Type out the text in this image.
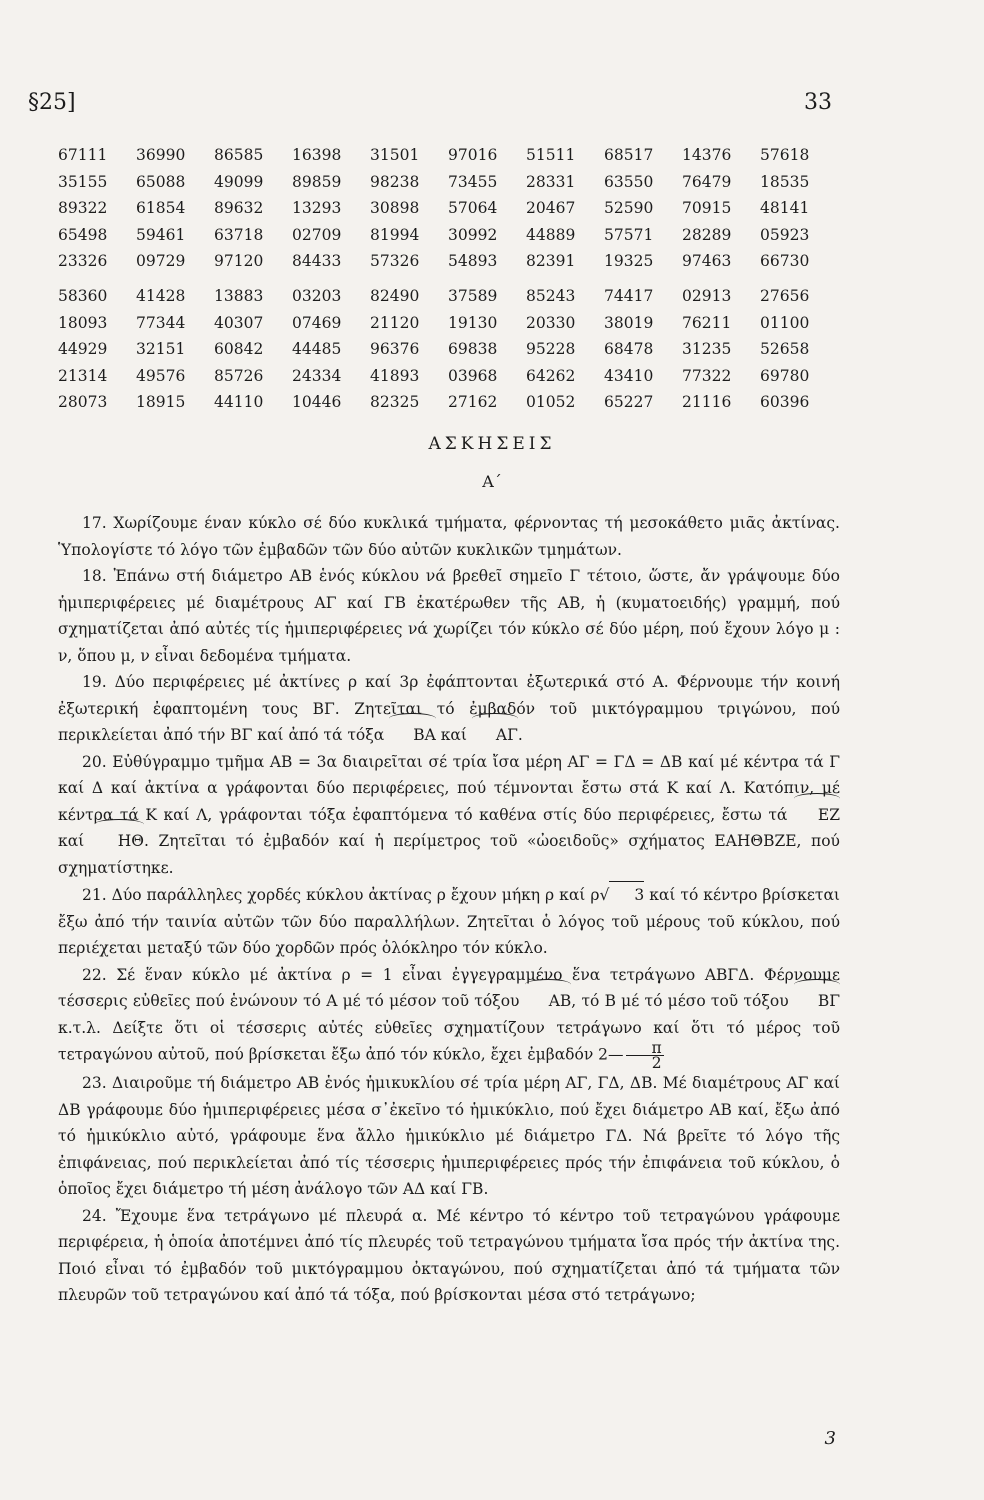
§25]	33
67111	36990	86585	16398	31501	97016	51511	68517	14376	57618
35155	65088	49099	89859	98238	73455	28331	63550	76479	18535
89322	61854	89632	13293	30898	57064	20467	52590	70915	48141
65498	59461	63718	02709	81994	30992	44889	57571	28289	05923
23326	09729	97120	84433	57326	54893	82391	19325	97463	66730
58360	41428	13883	03203	82490	37589	85243	74417	02913	27656
18093	77344	40307	07469	21120	19130	20330	38019	76211	01100
44929	32151	60842	44485	96376	69838	95228	68478	31235	52658
21314	49576	85726	24334	41893	03968	64262	43410	77322	69780
28073	18915	44110	10446	82325	27162	01052	65227	21116	60396
ΑΣΚΗΣΕΙΣ
Α΄

17. Χωρίζουμε έναν κύκλο σέ δύο κυκλικά τμήματα, φέρνοντας τή μεσοκάθετο μιᾶς ἀκτίνας. Ὑπολογίστε τό λόγο τῶν ἐμβαδῶν τῶν δύο αὐτῶν κυκλικῶν τμημάτων.

18. Ἐπάνω στή διάμετρο ΑΒ ἑνός κύκλου νά βρεθεῖ σημεῖο Γ τέτοιο, ὥστε, ἄν γράψουμε δύο ἡμιπεριφέρειες μέ διαμέτρους ΑΓ καί ΓΒ ἑκατέρωθεν τῆς ΑΒ, ἡ (κυματοειδής) γραμμή, πού σχηματίζεται ἀπό αὐτές τίς ἡμιπεριφέρειες νά χωρίζει τόν κύκλο σέ δύο μέρη, πού ἔχουν λόγο μ : ν, ὅπου μ, ν εἶναι δεδομένα τμήματα.

19. Δύο περιφέρειες μέ ἀκτίνες ρ καί 3ρ ἐφάπτονται ἐξωτερικά στό Α. Φέρνουμε τήν κοινή ἐξωτερική ἐφαπτομένη τους ΒΓ. Ζητεῖται τό ἐμβαδόν τοῦ μικτόγραμμου τριγώνου, πού περικλείεται ἀπό τήν ΒΓ καί ἀπό τά τόξα ΒΑ καί ΑΓ.

20. Εὐθύγραμμο τμῆμα ΑΒ = 3α διαιρεῖται σέ τρία ἴσα μέρη ΑΓ = ΓΔ = ΔΒ καί μέ κέντρα τά Γ καί Δ καί ἀκτίνα α γράφονται δύο περιφέρειες, πού τέμνονται ἔστω στά Κ καί Λ. Κατόπιν, μέ κέντρα τά Κ καί Λ, γράφονται τόξα ἐφαπτόμενα τό καθένα στίς δύο περιφέρειες, ἔστω τά ΕΖ καί ΗΘ. Ζητεῖται τό ἐμβαδόν καί ἡ περίμετρος τοῦ «ὠοειδοῦς» σχήματος ΕΑΗΘΒΖΕ, πού σχηματίστηκε.

21. Δύο παράλληλες χορδές κύκλου ἀκτίνας ρ ἔχουν μήκη ρ καί ρ√ 3 καί τό κέντρο βρίσκεται ἔξω ἀπό τήν ταινία αὐτῶν τῶν δύο παραλλήλων. Ζητεῖται ὁ λόγος τοῦ μέρους τοῦ κύκλου, πού περιέχεται μεταξύ τῶν δύο χορδῶν πρός ὁλόκληρο τόν κύκλο.

22. Σέ ἕναν κύκλο μέ ἀκτίνα ρ = 1 εἶναι ἐγγεγραμμένο ἕνα τετράγωνο ΑΒΓΔ. Φέρνουμε τέσσερις εὐθεῖες πού ἑνώνουν τό Α μέ τό μέσον τοῦ τόξου ΑΒ, τό Β μέ τό μέσο τοῦ τόξου ΒΓ κ.τ.λ. Δείξτε ὅτι οἱ τέσσερις αὐτές εὐθεῖες σχηματίζουν τετράγωνο καί ὅτι τό μέρος τοῦ τετραγώνου αὐτοῦ, πού βρίσκεται ἔξω ἀπό τόν κύκλο, ἔχει ἐμβαδόν 2— $\frac{\pi}{2}$

23. Διαιροῦμε τή διάμετρο ΑΒ ἑνός ἡμικυκλίου σέ τρία μέρη ΑΓ, ΓΔ, ΔΒ. Μέ διαμέτρους ΑΓ καί ΔΒ γράφουμε δύο ἡμιπεριφέρειες μέσα σ᾽ἐκεῖνο τό ἡμικύκλιο, πού ἔχει διάμετρο ΑΒ καί, ἔξω ἀπό τό ἡμικύκλιο αὐτό, γράφουμε ἕνα ἄλλο ἡμικύκλιο μέ διάμετρο ΓΔ. Νά βρεῖτε τό λόγο τῆς ἐπιφάνειας, πού περικλείεται ἀπό τίς τέσσερις ἡμιπεριφέρειες πρός τήν ἐπιφάνεια τοῦ κύκλου, ὁ ὁποῖος ἔχει διάμετρο τή μέση ἀνάλογο τῶν ΑΔ καί ΓΒ.

24. Ἔχουμε ἕνα τετράγωνο μέ πλευρά α. Μέ κέντρο τό κέντρο τοῦ τετραγώνου γράφουμε περιφέρεια, ἡ ὁποία ἀποτέμνει ἀπό τίς πλευρές τοῦ τετραγώνου τμήματα ἴσα πρός τήν ἀκτίνα της. Ποιό εἶναι τό ἐμβαδόν τοῦ μικτόγραμμου ὀκταγώνου, πού σχηματίζεται ἀπό τά τμήματα τῶν πλευρῶν τοῦ τετραγώνου καί ἀπό τά τόξα, πού βρίσκονται μέσα στό τετράγωνο;

3
